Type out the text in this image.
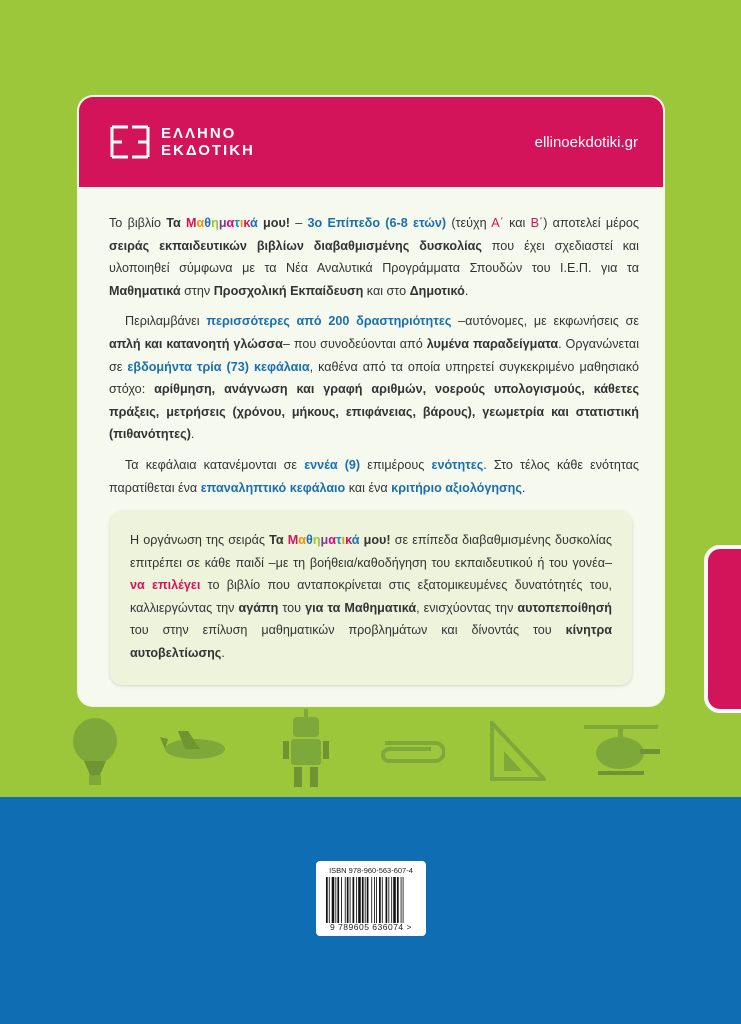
ΕΛΛΗΝΟ
ΕΚΔΟΤΙΚΗ	ellinoekdotiki.gr

Το βιβλίο Τα Μαθηματικά μου! – 3ο Επίπεδο (6-8 ετών) (τεύχη Α΄ και Β΄) αποτελεί μέρος σειράς εκπαιδευτικών βιβλίων διαβαθμισμένης δυσκολίας που έχει σχεδιαστεί και υλοποιηθεί σύμφωνα με τα Νέα Αναλυτικά Προγράμματα Σπουδών του Ι.Ε.Π. για τα Μαθηματικά στην Προσχολική Εκπαίδευση και στο Δημοτικό.

Περιλαμβάνει περισσότερες από 200 δραστηριότητες –αυτόνομες, με εκφωνήσεις σε απλή και κατανοητή γλώσσα– που συνοδεύονται από λυμένα παραδείγματα. Οργανώνεται σε εβδομήντα τρία (73) κεφάλαια, καθένα από τα οποία υπηρετεί συγκεκριμένο μαθησιακό στόχο: αρίθμηση, ανάγνωση και γραφή αριθμών, νοερούς υπολογισμούς, κάθετες πράξεις, μετρήσεις (χρόνου, μήκους, επιφάνειας, βάρους), γεωμετρία και στατιστική (πιθανότητες).

Τα κεφάλαια κατανέμονται σε εννέα (9) επιμέρους ενότητες. Στο τέλος κάθε ενότητας παρατίθεται ένα επαναληπτικό κεφάλαιο και ένα κριτήριο αξιολόγησης.

Η οργάνωση της σειράς Τα Μαθηματικά μου! σε επίπεδα διαβαθμισμένης δυσκολίας επιτρέπει σε κάθε παιδί –με τη βοήθεια/καθοδήγηση του εκπαιδευτικού ή του γονέα– να επιλέγει το βιβλίο που ανταποκρίνεται στις εξατομικευμένες δυνατότητές του, καλλιεργώντας την αγάπη του για τα Μαθηματικά, ενισχύοντας την αυτοπεποίθησή του στην επίλυση μαθηματικών προβλημάτων και δίνοντάς του κίνητρα αυτοβελτίωσης.
ISBN 978-960-563-607-4
9 789605 636074 >
